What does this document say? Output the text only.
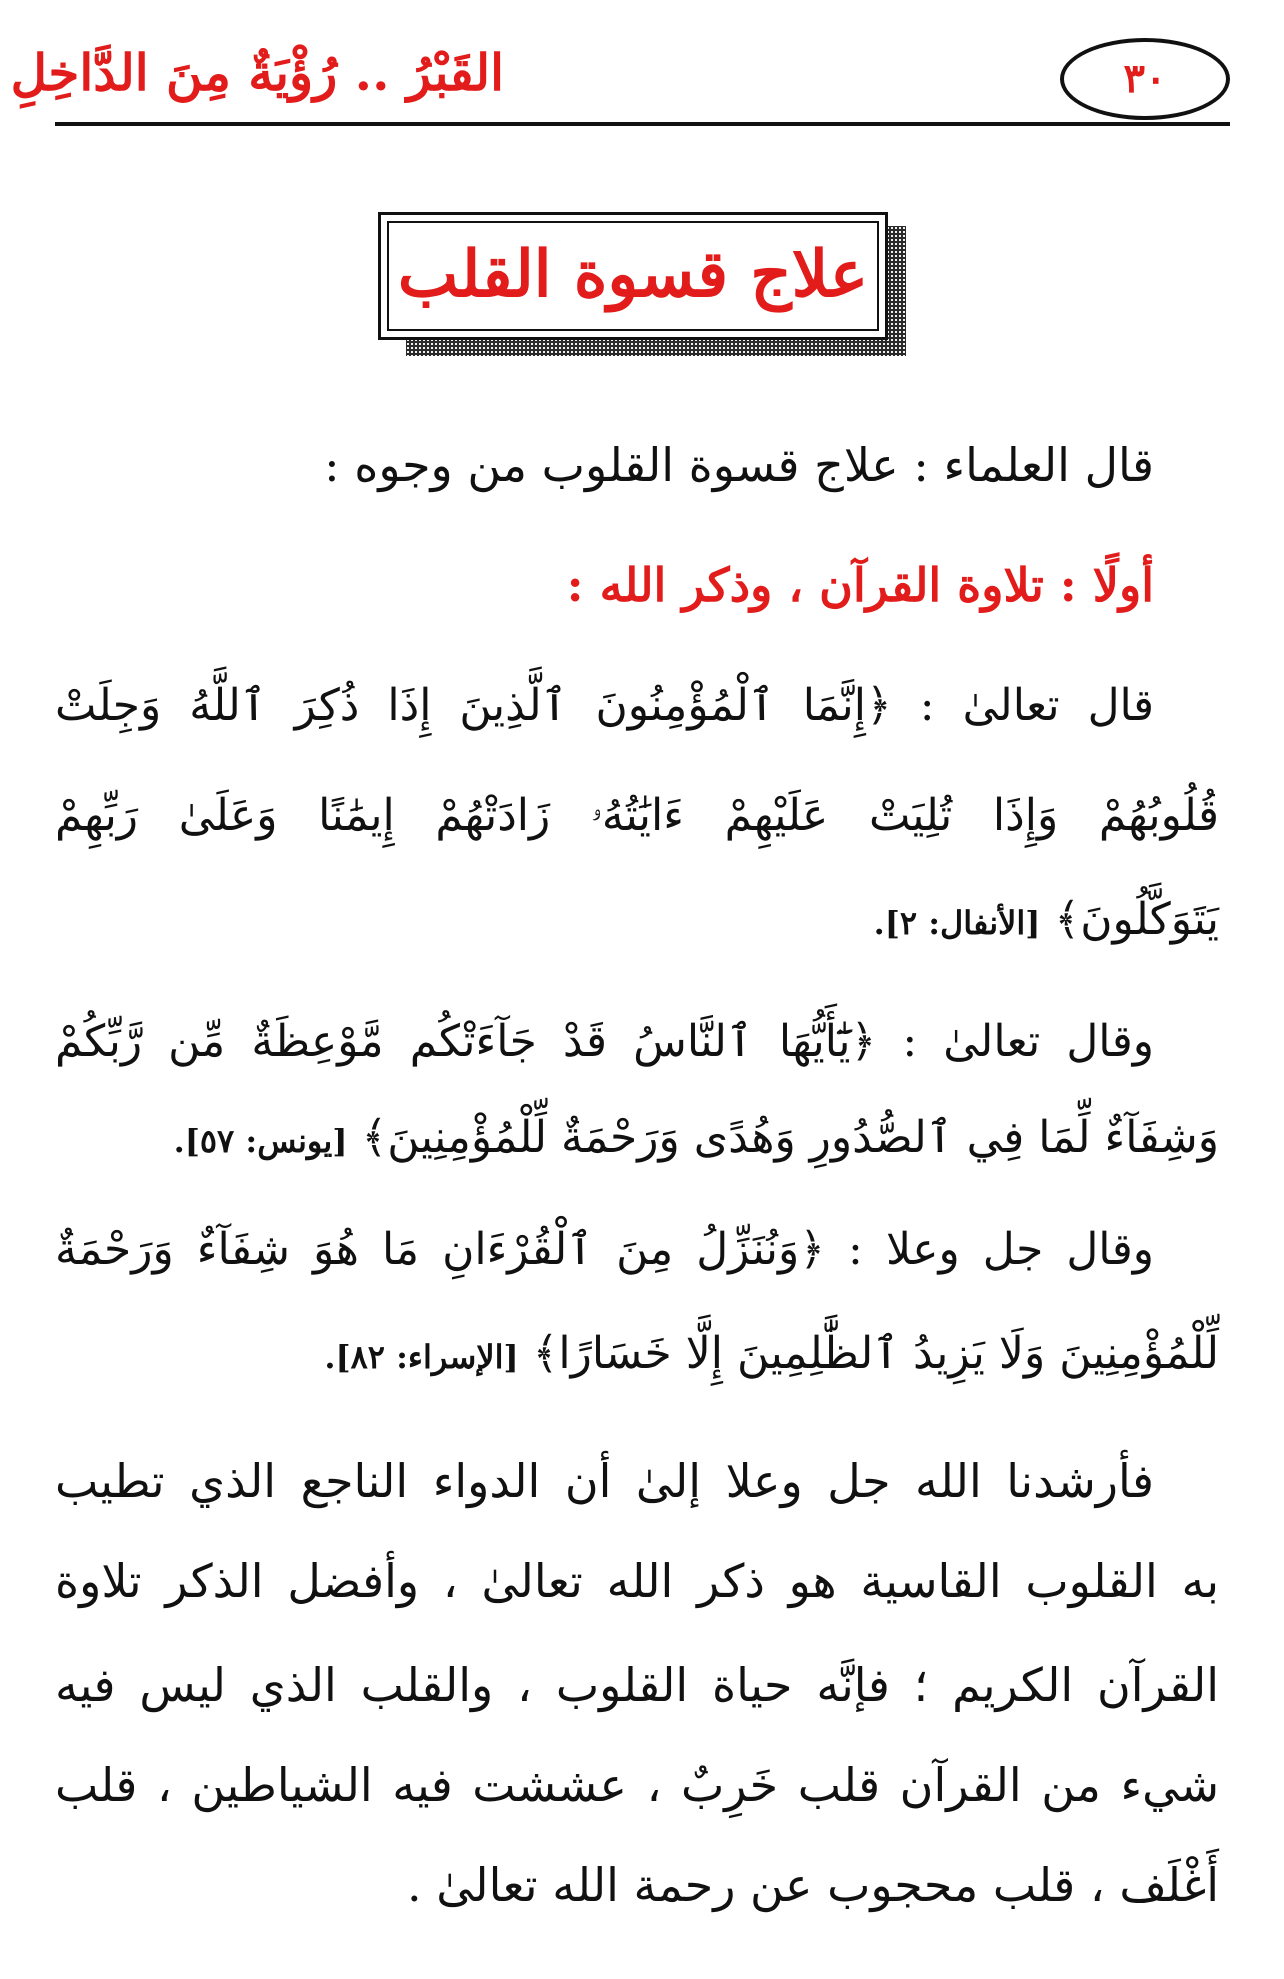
القَبْرُ .. رُؤْيَةٌ مِنَ الدَّاخِلِ	٣٠
علاج قسوة القلب
قال العلماء : علاج قسوة القلوب من وجوه :
أولًا : تلاوة القرآن ، وذكر الله :
قال تعالىٰ : ﴿إِنَّمَا ٱلْمُؤْمِنُونَ ٱلَّذِينَ إِذَا ذُكِرَ ٱللَّهُ وَجِلَتْ
قُلُوبُهُمْ وَإِذَا تُلِيَتْ عَلَيْهِمْ ءَايَٰتُهُۥ زَادَتْهُمْ إِيمَٰنًا وَعَلَىٰ رَبِّهِمْ
يَتَوَكَّلُونَ﴾ [الأنفال: ٢].
وقال تعالىٰ : ﴿يَٰٓأَيُّهَا ٱلنَّاسُ قَدْ جَآءَتْكُم مَّوْعِظَةٌ مِّن رَّبِّكُمْ
وَشِفَآءٌ لِّمَا فِي ٱلصُّدُورِ وَهُدًى وَرَحْمَةٌ لِّلْمُؤْمِنِينَ﴾ [يونس: ٥٧].
وقال جل وعلا : ﴿وَنُنَزِّلُ مِنَ ٱلْقُرْءَانِ مَا هُوَ شِفَآءٌ وَرَحْمَةٌ
لِّلْمُؤْمِنِينَ وَلَا يَزِيدُ ٱلظَّٰلِمِينَ إِلَّا خَسَارًا﴾ [الإسراء: ٨٢].
فأرشدنا الله جل وعلا إلىٰ أن الدواء الناجع الذي تطيب
به القلوب القاسية هو ذكر الله تعالىٰ ، وأفضل الذكر تلاوة
القرآن الكريم ؛ فإنَّه حياة القلوب ، والقلب الذي ليس فيه
شيء من القرآن قلب خَرِبٌ ، عششت فيه الشياطين ، قلب
أَغْلَف ، قلب محجوب عن رحمة الله تعالىٰ .
